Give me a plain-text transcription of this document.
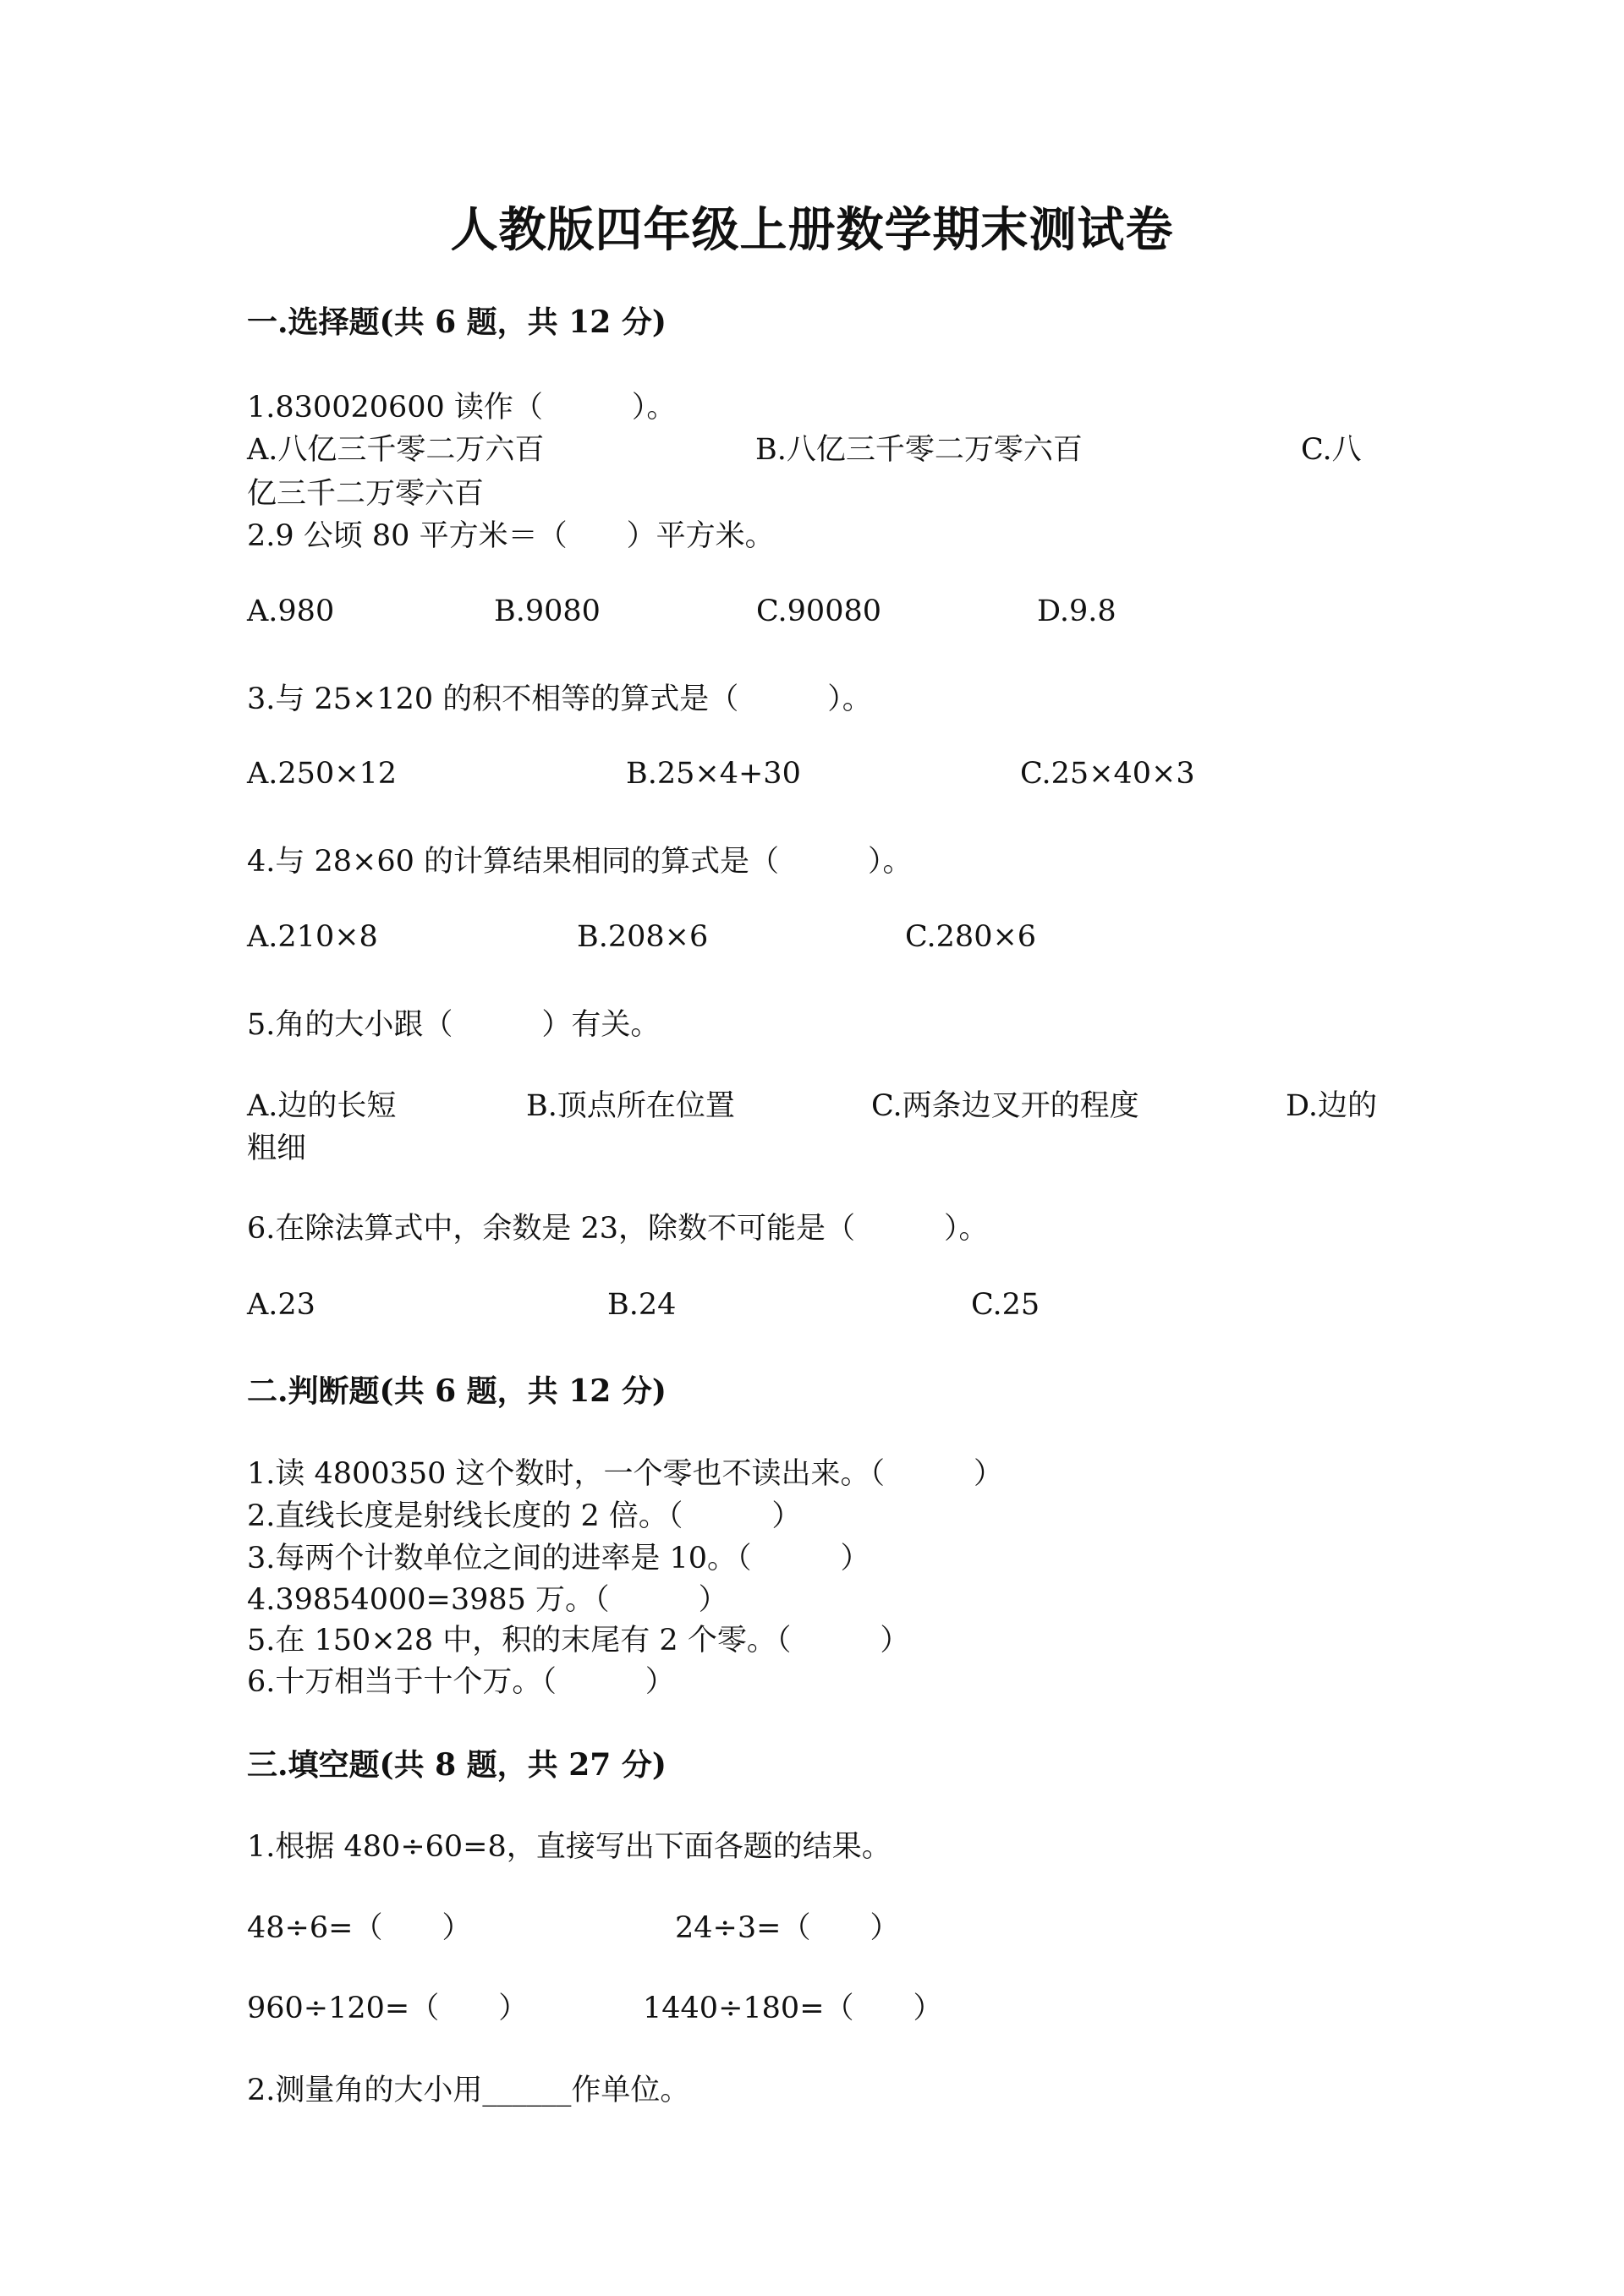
人教版四年级上册数学期末测试卷
一.选择题(共 6 题，共 12 分)
1.830020600 读作（　　　）。
A.八亿三千零二万六百	B.八亿三千零二万零六百	C.八
亿三千二万零六百
2.9 公顷 80 平方米＝（　　）平方米。
A.980	B.9080	C.90080	D.9.8
3.与 25×120 的积不相等的算式是（　　　）。
A.250×12	B.25×4+30	C.25×40×3
4.与 28×60 的计算结果相同的算式是（　　　）。
A.210×8	B.208×6	C.280×6
5.角的大小跟（　　　）有关。
A.边的长短	B.顶点所在位置	C.两条边叉开的程度	D.边的
粗细
6.在除法算式中，余数是 23，除数不可能是（　　　）。
A.23	B.24	C.25
二.判断题(共 6 题，共 12 分)
1.读 4800350 这个数时，一个零也不读出来。（　　　）
2.直线长度是射线长度的 2 倍。（　　　）
3.每两个计数单位之间的进率是 10。（　　　）
4.39854000=3985 万。（　　　）
5.在 150×28 中，积的末尾有 2 个零。（　　　）
6.十万相当于十个万。（　　　）
三.填空题(共 8 题，共 27 分)
1.根据 480÷60=8，直接写出下面各题的结果。
48÷6=（　　）	24÷3=（　　）
960÷120=（　　）	1440÷180=（　　）
2.测量角的大小用______作单位。
